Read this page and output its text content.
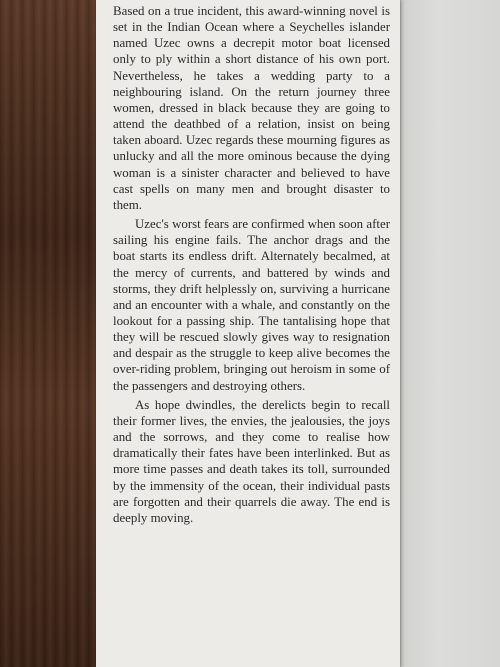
Based on a true incident, this award-winning novel is set in the Indian Ocean where a Seychelles islander named Uzec owns a decrepit motor boat licensed only to ply within a short distance of his own port. Nevertheless, he takes a wedding party to a neighbouring island. On the return journey three women, dressed in black because they are going to attend the deathbed of a relation, insist on being taken aboard. Uzec regards these mourning figures as unlucky and all the more ominous because the dying woman is a sinister character and believed to have cast spells on many men and brought disaster to them.

Uzec's worst fears are confirmed when soon after sailing his engine fails. The anchor drags and the boat starts its endless drift. Alternately becalmed, at the mercy of currents, and battered by winds and storms, they drift helplessly on, surviving a hurricane and an encounter with a whale, and constantly on the lookout for a passing ship. The tantalising hope that they will be rescued slowly gives way to resignation and despair as the struggle to keep alive becomes the over-riding problem, bringing out heroism in some of the passengers and destroying others.

As hope dwindles, the derelicts begin to recall their former lives, the envies, the jealousies, the joys and the sorrows, and they come to realise how dramatically their fates have been interlinked. But as more time passes and death takes its toll, surrounded by the immensity of the ocean, their individual pasts are forgotten and their quarrels die away. The end is deeply moving.
